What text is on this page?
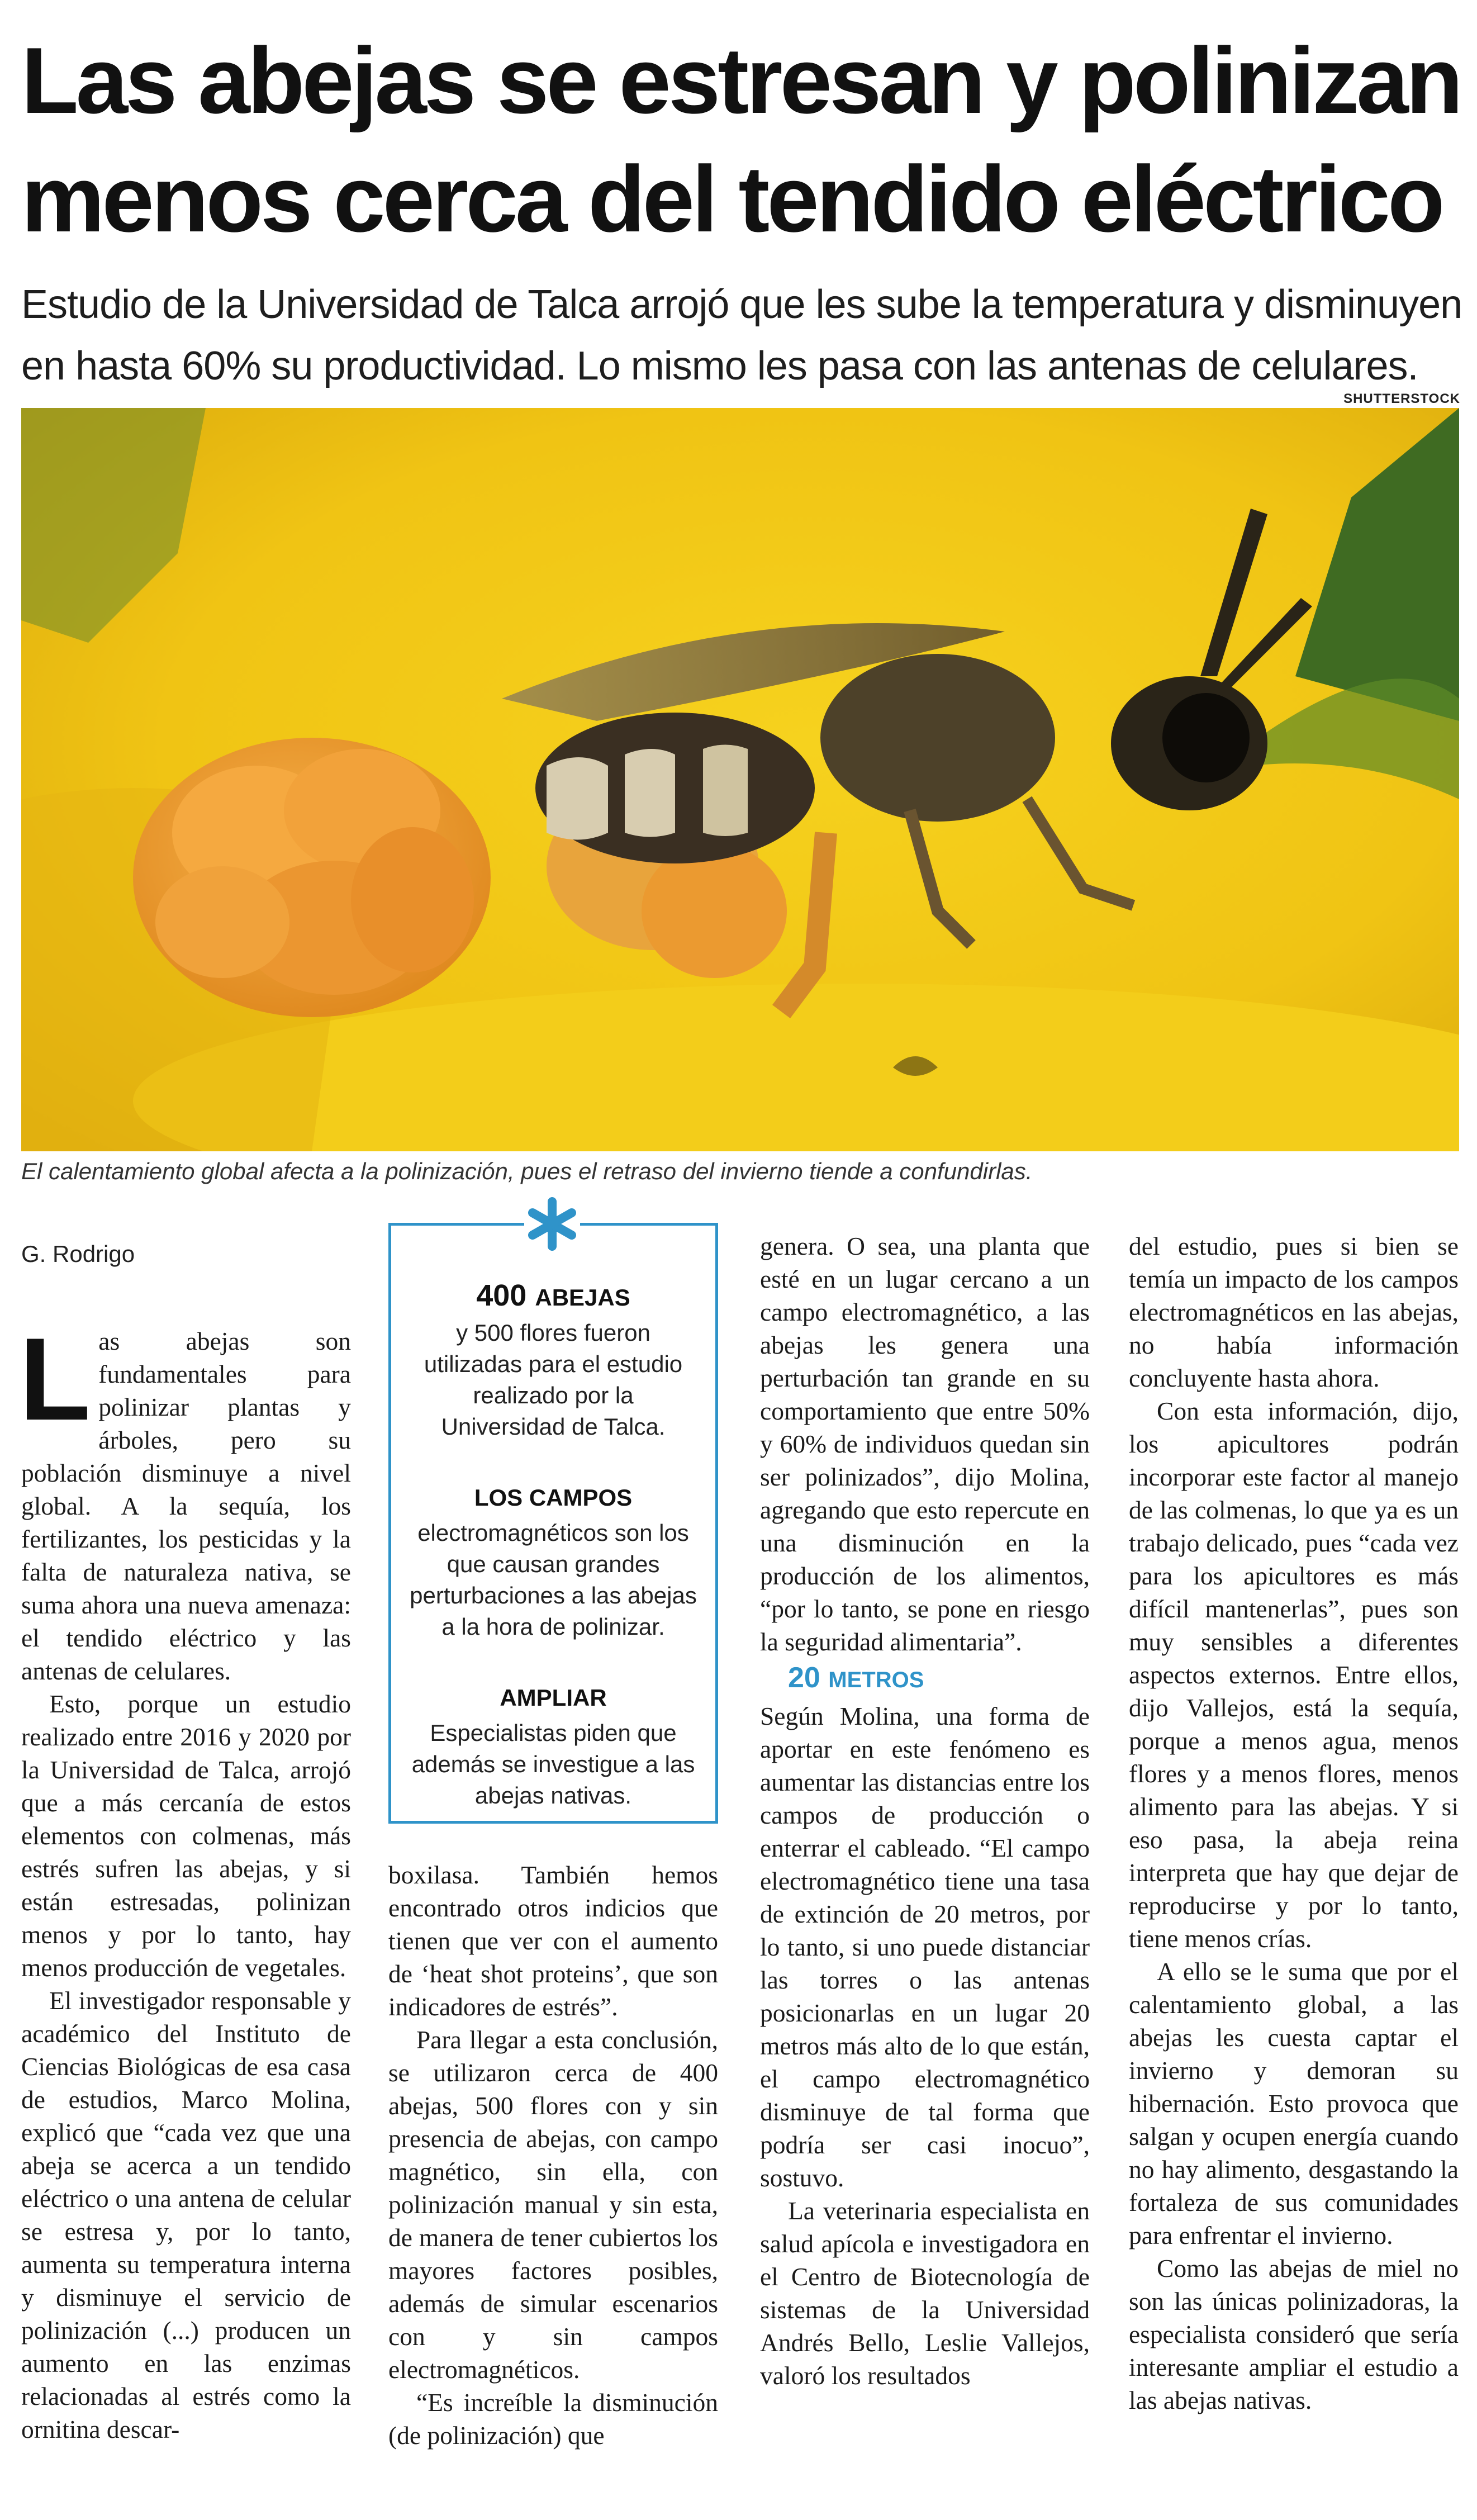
Las abejas se estresan y polinizan
menos cerca del tendido eléctrico
Estudio de la Universidad de Talca arrojó que les sube la temperatura y disminuyen
en hasta 60% su productividad. Lo mismo les pasa con las antenas de celulares.
SHUTTERSTOCK
El calentamiento global afecta a la polinización, pues el retraso del invierno tiende a confundirlas.
G. Rodrigo

Las abejas son fundamentales para polinizar plantas y árboles, pero su población disminuye a nivel global. A la sequía, los fertilizantes, los pesticidas y la falta de naturaleza nativa, se suma ahora una nueva amenaza: el tendido eléctrico y las antenas de celulares.

Esto, porque un estudio realizado entre 2016 y 2020 por la Universidad de Talca, arrojó que a más cercanía de estos elementos con colmenas, más estrés sufren las abejas, y si están estresadas, polinizan menos y por lo tanto, hay menos producción de vegetales.

El investigador responsable y académico del Instituto de Ciencias Biológicas de esa casa de estudios, Marco Molina, explicó que “cada vez que una abeja se acerca a un tendido eléctrico o una antena de celular se estresa y, por lo tanto, aumenta su temperatura interna y disminuye el servicio de polinización (...) producen un aumento en las enzimas relacionadas al estrés como la ornitina descar-

400 ABEJAS

y 500 flores fueron utilizadas para el estudio realizado por la Universidad de Talca.

LOS CAMPOS

electromagnéticos son los que causan grandes perturbaciones a las abejas a la hora de polinizar.

AMPLIAR

Especialistas piden que además se investigue a las abejas nativas.

boxilasa. También hemos encontrado otros indicios que tienen que ver con el aumento de ‘heat shot proteins’, que son indicadores de estrés”.

Para llegar a esta conclusión, se utilizaron cerca de 400 abejas, 500 flores con y sin presencia de abejas, con campo magnético, sin ella, con polinización manual y sin esta, de manera de tener cubiertos los mayores factores posibles, además de simular escenarios con y sin campos electromagnéticos.

“Es increíble la disminución (de polinización) que

genera. O sea, una planta que esté en un lugar cercano a un campo electromagnético, a las abejas les genera una perturbación tan grande en su comportamiento que entre 50% y 60% de individuos quedan sin ser polinizados”, dijo Molina, agregando que esto repercute en una disminución en la producción de los alimentos, “por lo tanto, se pone en riesgo la seguridad alimentaria”.

20 METROS

Según Molina, una forma de aportar en este fenómeno es aumentar las distancias entre los campos de producción o enterrar el cableado. “El campo electromagnético tiene una tasa de extinción de 20 metros, por lo tanto, si uno puede distanciar las torres o las antenas posicionarlas en un lugar 20 metros más alto de lo que están, el campo electromagnético disminuye de tal forma que podría ser casi inocuo”, sostuvo.

La veterinaria especialista en salud apícola e investigadora en el Centro de Biotecnología de sistemas de la Universidad Andrés Bello, Leslie Vallejos, valoró los resultados

del estudio, pues si bien se temía un impacto de los campos electromagnéticos en las abejas, no había información concluyente hasta ahora.

Con esta información, dijo, los apicultores podrán incorporar este factor al manejo de las colmenas, lo que ya es un trabajo delicado, pues “cada vez para los apicultores es más difícil mantenerlas”, pues son muy sensibles a diferentes aspectos externos. Entre ellos, dijo Vallejos, está la sequía, porque a menos agua, menos flores y a menos flores, menos alimento para las abejas. Y si eso pasa, la abeja reina interpreta que hay que dejar de reproducirse y por lo tanto, tiene menos crías.

A ello se le suma que por el calentamiento global, a las abejas les cuesta captar el invierno y demoran su hibernación. Esto provoca que salgan y ocupen energía cuando no hay alimento, desgastando la fortaleza de sus comunidades para enfrentar el invierno.

Como las abejas de miel no son las únicas polinizadoras, la especialista consideró que sería interesante ampliar el estudio a las abejas nativas.
